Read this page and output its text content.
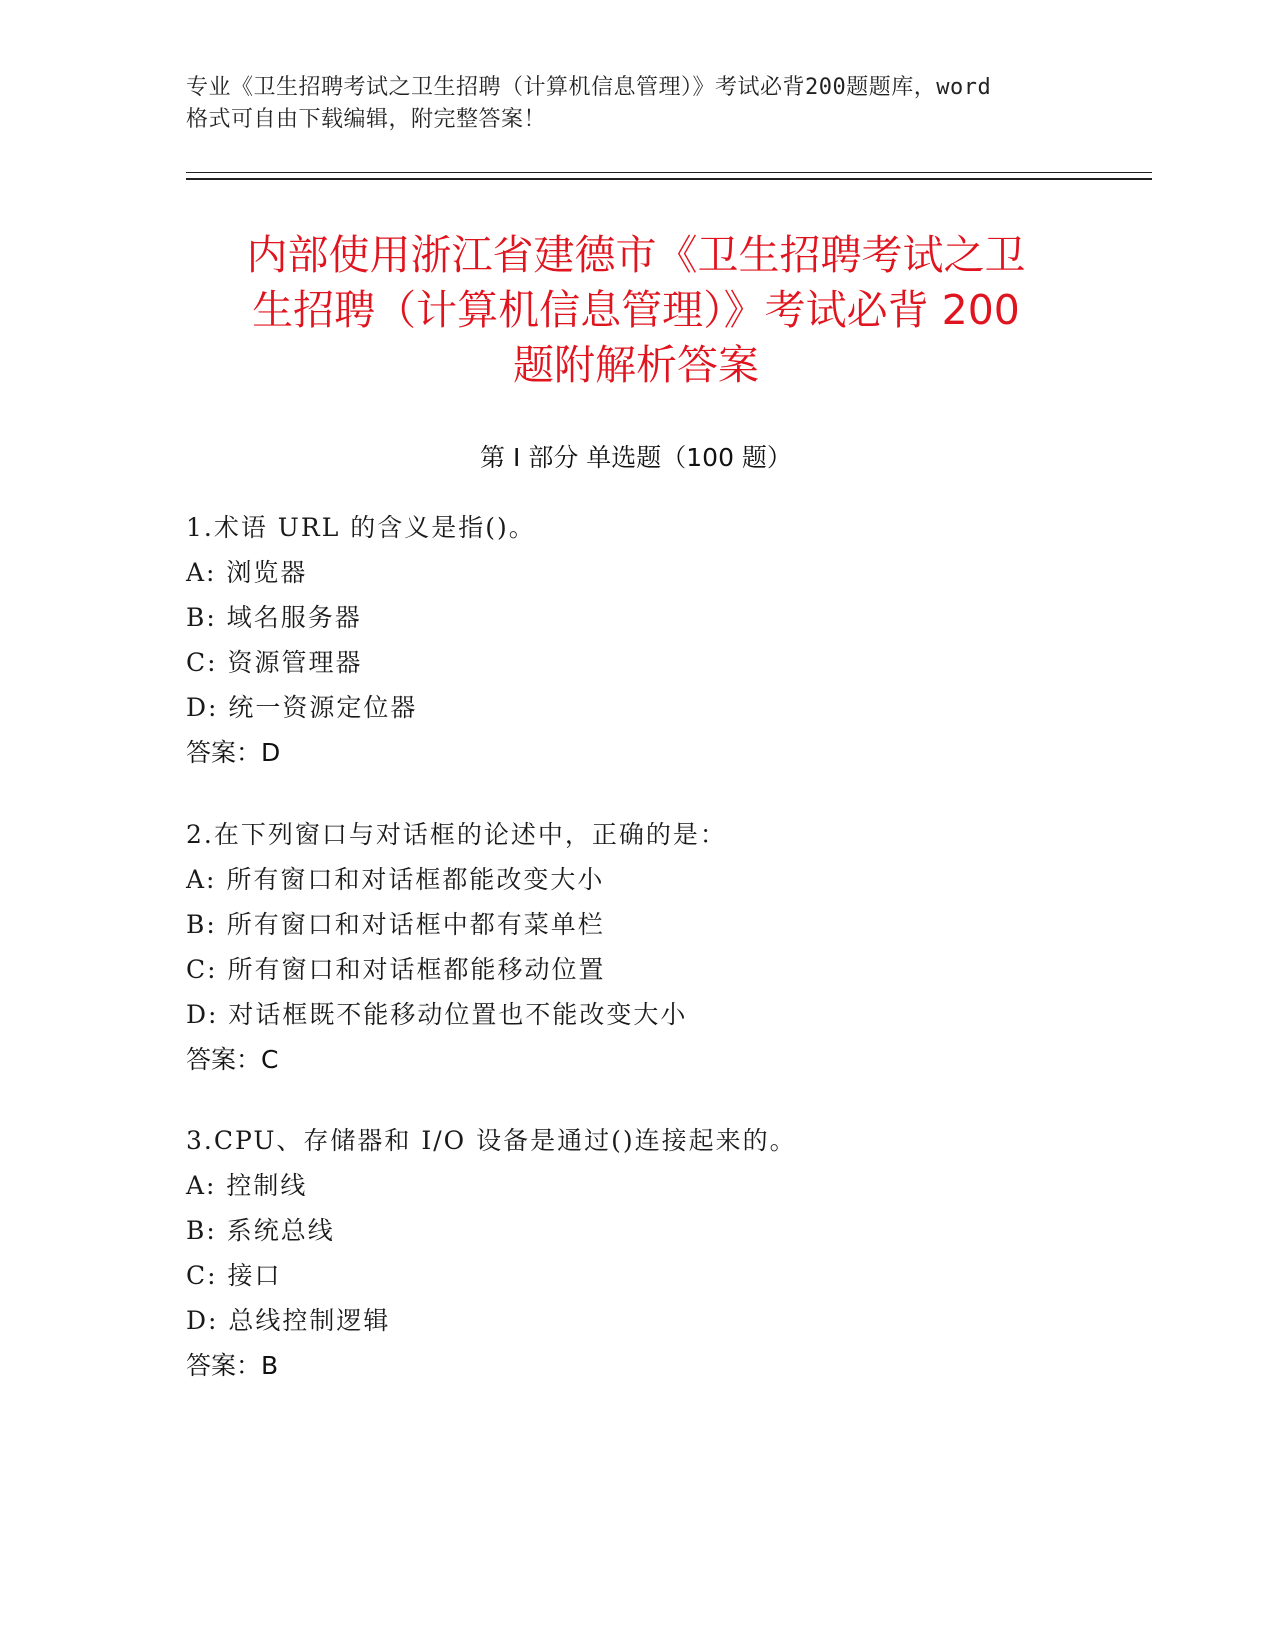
专业《卫生招聘考试之卫生招聘（计算机信息管理）》考试必背200题题库，word
格式可自由下载编辑，附完整答案！
内部使用浙江省建德市《卫生招聘考试之卫
生招聘（计算机信息管理）》考试必背 200
题附解析答案
第 I 部分 单选题（100 题）
1.术语 URL 的含义是指()。
A: 浏览器
B: 域名服务器
C: 资源管理器
D: 统一资源定位器
答案：D
2.在下列窗口与对话框的论述中，正确的是：
A: 所有窗口和对话框都能改变大小
B: 所有窗口和对话框中都有菜单栏
C: 所有窗口和对话框都能移动位置
D: 对话框既不能移动位置也不能改变大小
答案：C
3.CPU、存储器和 I/O 设备是通过()连接起来的。
A: 控制线
B: 系统总线
C: 接口
D: 总线控制逻辑
答案：B
